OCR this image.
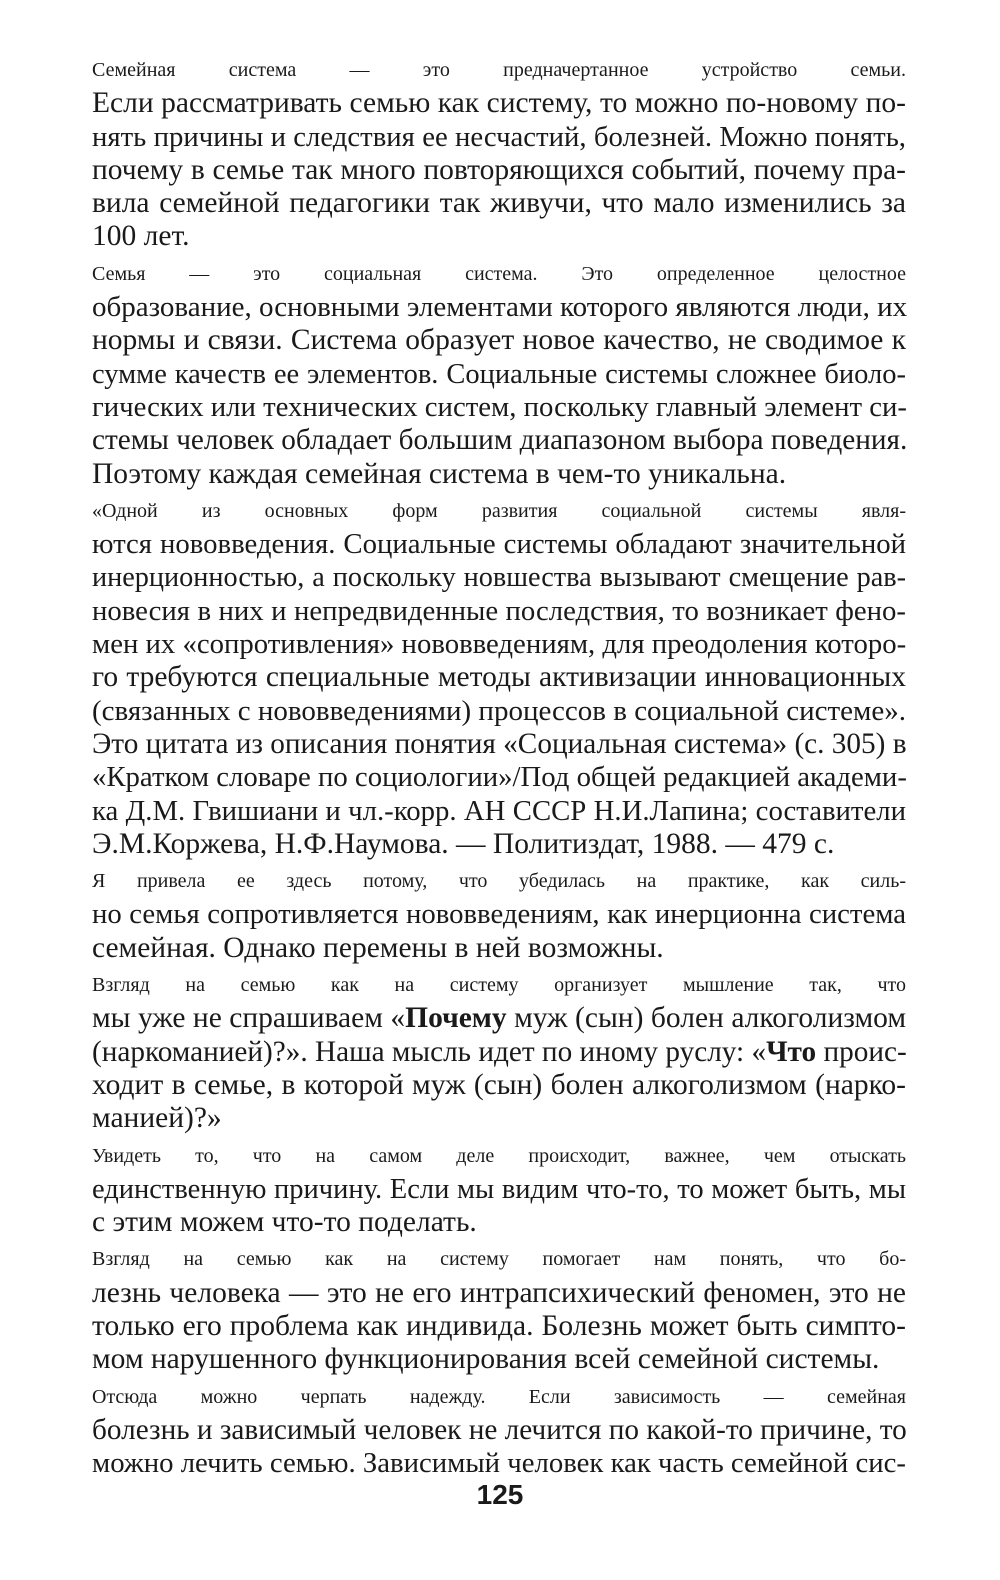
Семейная система — это предначертанное устройство семьи.
Если рассматривать семью как систему, то можно по-новому по-
нять причины и следствия ее несчастий, болезней. Можно понять,
почему в семье так много повторяющихся событий, почему пра-
вила семейной педагогики так живучи, что мало изменились за
100 лет.

Семья — это социальная система. Это определенное целостное
образование, основными элементами которого являются люди, их
нормы и связи. Система образует новое качество, не сводимое к
сумме качеств ее элементов. Социальные системы сложнее биоло-
гических или технических систем, поскольку главный элемент си-
стемы человек обладает большим диапазоном выбора поведения.
Поэтому каждая семейная система в чем-то уникальна.

«Одной из основных форм развития социальной системы явля-
ются нововведения. Социальные системы обладают значительной
инерционностью, а поскольку новшества вызывают смещение рав-
новесия в них и непредвиденные последствия, то возникает фено-
мен их «сопротивления» нововведениям, для преодоления которо-
го требуются специальные методы активизации инновационных
(связанных с нововведениями) процессов в социальной системе».
Это цитата из описания понятия «Социальная система» (с. 305) в
«Кратком словаре по социологии»/Под общей редакцией академи-
ка Д.М. Гвишиани и чл.-корр. АН СССР Н.И.Лапина; составители
Э.М.Коржева, Н.Ф.Наумова. — Политиздат, 1988. — 479 с.

Я привела ее здесь потому, что убедилась на практике, как силь-
но семья сопротивляется нововведениям, как инерционна система
семейная. Однако перемены в ней возможны.

Взгляд на семью как на систему организует мышление так, что
мы уже не спрашиваем «Почему муж (сын) болен алкоголизмом
(наркоманией)?». Наша мысль идет по иному руслу: «Что проис-
ходит в семье, в которой муж (сын) болен алкоголизмом (нарко-
манией)?»

Увидеть то, что на самом деле происходит, важнее, чем отыскать
единственную причину. Если мы видим что-то, то может быть, мы
с этим можем что-то поделать.

Взгляд на семью как на систему помогает нам понять, что бо-
лезнь человека — это не его интрапсихический феномен, это не
только его проблема как индивида. Болезнь может быть симпто-
мом нарушенного функционирования всей семейной системы.

Отсюда можно черпать надежду. Если зависимость — семейная
болезнь и зависимый человек не лечится по какой-то причине, то
можно лечить семью. Зависимый человек как часть семейной сис-

125
